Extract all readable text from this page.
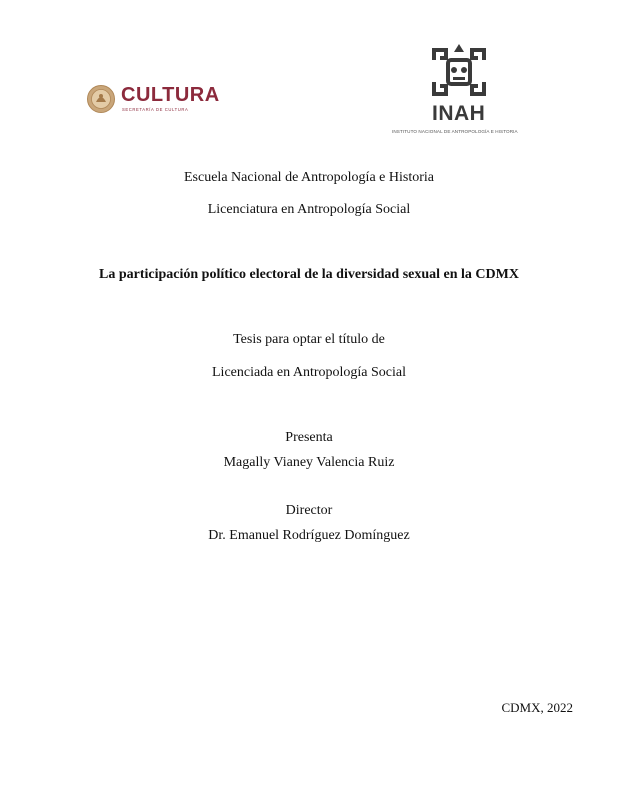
CULTURA
SECRETARÍA DE CULTURA	INAH
INSTITUTO NACIONAL DE ANTROPOLOGÍA E HISTORIA
Escuela Nacional de Antropología e Historia
Licenciatura en Antropología Social
La participación político electoral de la diversidad sexual en la CDMX
Tesis para optar el título de
Licenciada en Antropología Social
Presenta
Magally Vianey Valencia Ruiz
Director
Dr. Emanuel Rodríguez Domínguez
CDMX, 2022
